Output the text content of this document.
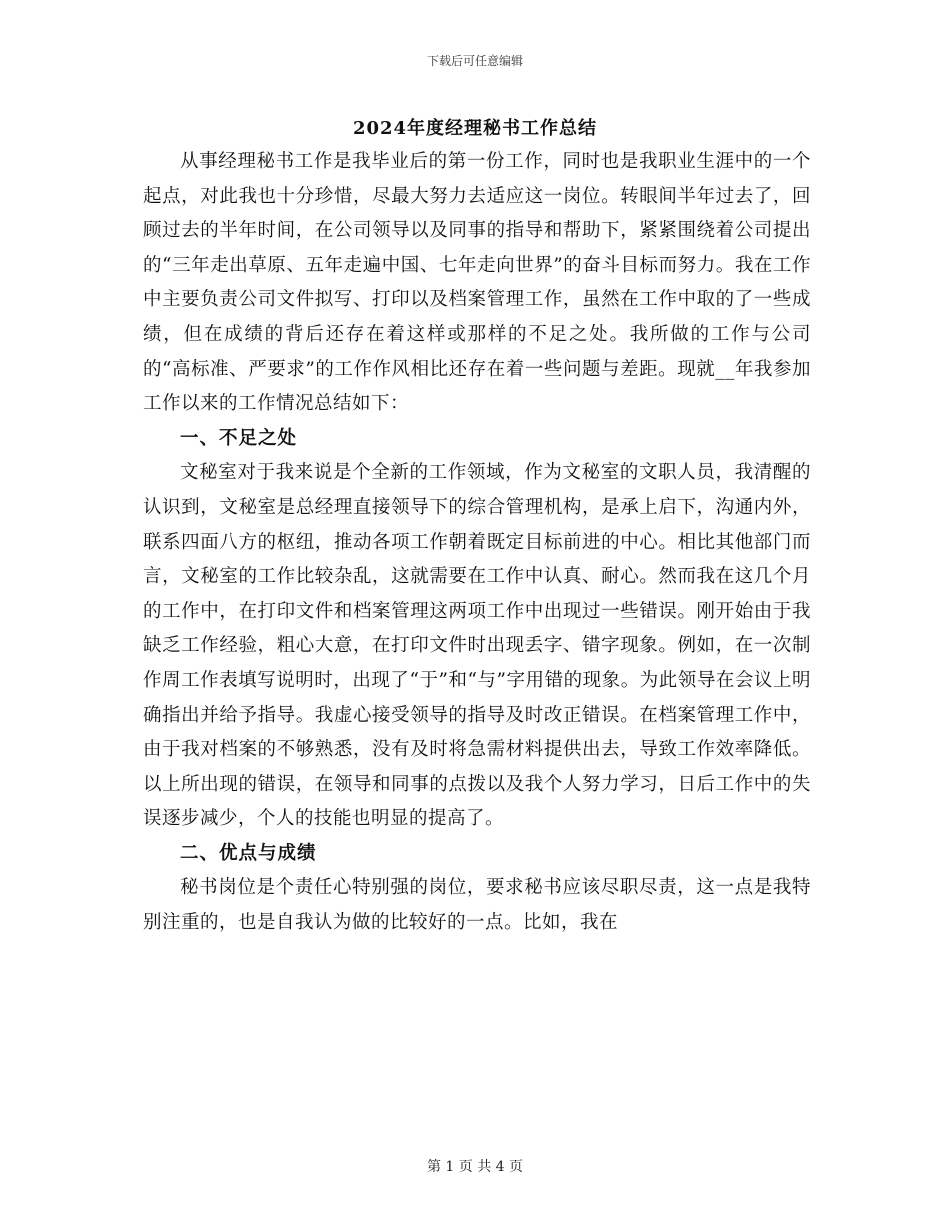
下载后可任意编辑
2024年度经理秘书工作总结

从事经理秘书工作是我毕业后的第一份工作，同时也是我职业生涯中的一个起点，对此我也十分珍惜，尽最大努力去适应这一岗位。转眼间半年过去了，回顾过去的半年时间，在公司领导以及同事的指导和帮助下，紧紧围绕着公司提出的“三年走出草原、五年走遍中国、七年走向世界”的奋斗目标而努力。我在工作中主要负责公司文件拟写、打印以及档案管理工作，虽然在工作中取的了一些成绩，但在成绩的背后还存在着这样或那样的不足之处。我所做的工作与公司的“高标准、严要求”的工作作风相比还存在着一些问题与差距。现就__年我参加工作以来的工作情况总结如下：

一、不足之处

文秘室对于我来说是个全新的工作领域，作为文秘室的文职人员，我清醒的认识到，文秘室是总经理直接领导下的综合管理机构，是承上启下，沟通内外，联系四面八方的枢纽，推动各项工作朝着既定目标前进的中心。相比其他部门而言，文秘室的工作比较杂乱，这就需要在工作中认真、耐心。然而我在这几个月的工作中，在打印文件和档案管理这两项工作中出现过一些错误。刚开始由于我缺乏工作经验，粗心大意，在打印文件时出现丢字、错字现象。例如，在一次制作周工作表填写说明时，出现了“于”和“与”字用错的现象。为此领导在会议上明确指出并给予指导。我虚心接受领导的指导及时改正错误。在档案管理工作中，由于我对档案的不够熟悉，没有及时将急需材料提供出去，导致工作效率降低。以上所出现的错误，在领导和同事的点拨以及我个人努力学习，日后工作中的失误逐步减少，个人的技能也明显的提高了。

二、优点与成绩

秘书岗位是个责任心特别强的岗位，要求秘书应该尽职尽责，这一点是我特别注重的，也是自我认为做的比较好的一点。比如，我在

第 1 页 共 4 页
